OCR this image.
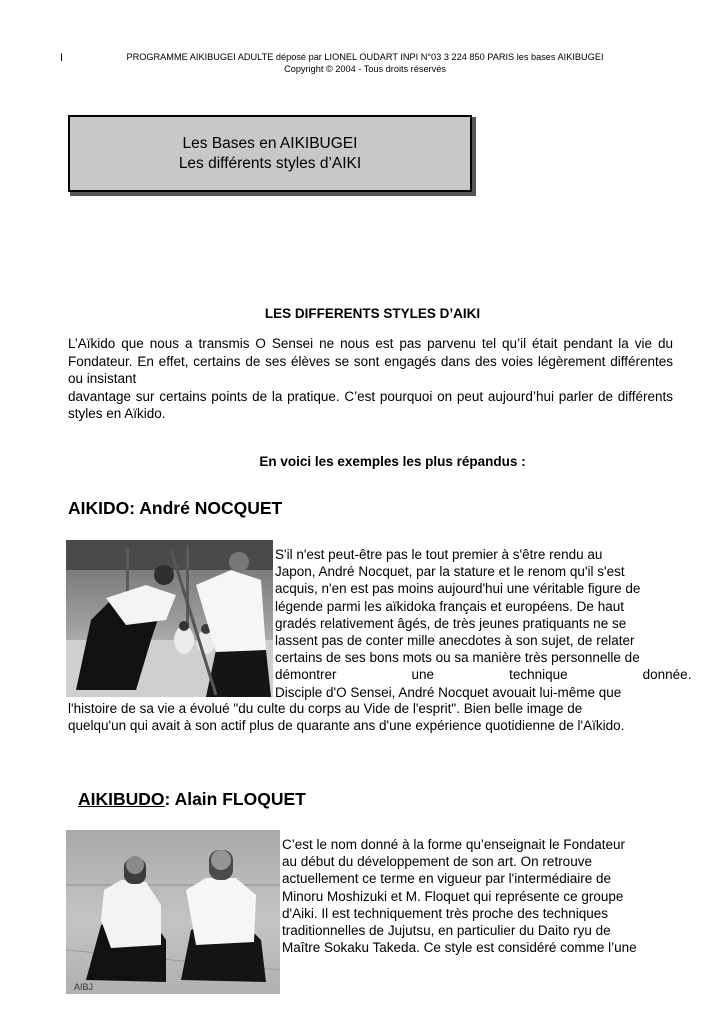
I	PROGRAMME AIKIBUGEI ADULTE déposé par LIONEL OUDART INPI N°03 3 224 850 PARIS les bases AIKIBUGEI
Copyright © 2004 - Tous droits réservés
Les Bases en AIKIBUGEI
Les différents styles d’AIKI
LES DIFFERENTS STYLES D’AIKI

L’Aïkido que nous a transmis O Sensei ne nous est pas parvenu tel qu’il était pendant la vie du Fondateur. En effet, certains de ses élèves se sont engagés dans des voies légèrement différentes ou insistant

davantage sur certains points de la pratique. C’est pourquoi on peut aujourd’hui parler de différents styles en Aïkido.

En voici les exemples les plus répandus :
AIKIDO: André NOCQUET
S'il n'est peut-être pas le tout premier à s'être rendu au
Japon, André Nocquet, par la stature et le renom qu'il s'est
acquis, n'en est pas moins aujourd'hui une véritable figure de
légende parmi les aïkidoka français et européens. De haut
gradés relativement âgés, de très jeunes pratiquants ne se
lassent pas de conter mille anecdotes à son sujet, de relater
certains de ses bons mots ou sa manière très personnelle de
démontrer                    une                    technique                    donnée.
Disciple d'O Sensei, André Nocquet avouait lui-même que
l'histoire de sa vie a évolué "du culte du corps au Vide de l'esprit". Bien belle image de
quelqu'un qui avait à son actif plus de quarante ans d'une expérience quotidienne de l'Aïkido.
AIKIBUDO: Alain FLOQUET
AIBJ
C’est le nom donné à la forme qu’enseignait le Fondateur
au début du développement de son art. On retrouve
actuellement ce terme en vigueur par l'intermédiaire de
Minoru Moshizuki et M. Floquet qui représente ce groupe
d'Aiki. Il est techniquement très proche des techniques
traditionnelles de Jujutsu, en particulier du Daito ryu de
Maître Sokaku Takeda. Ce style est considéré comme l’une
